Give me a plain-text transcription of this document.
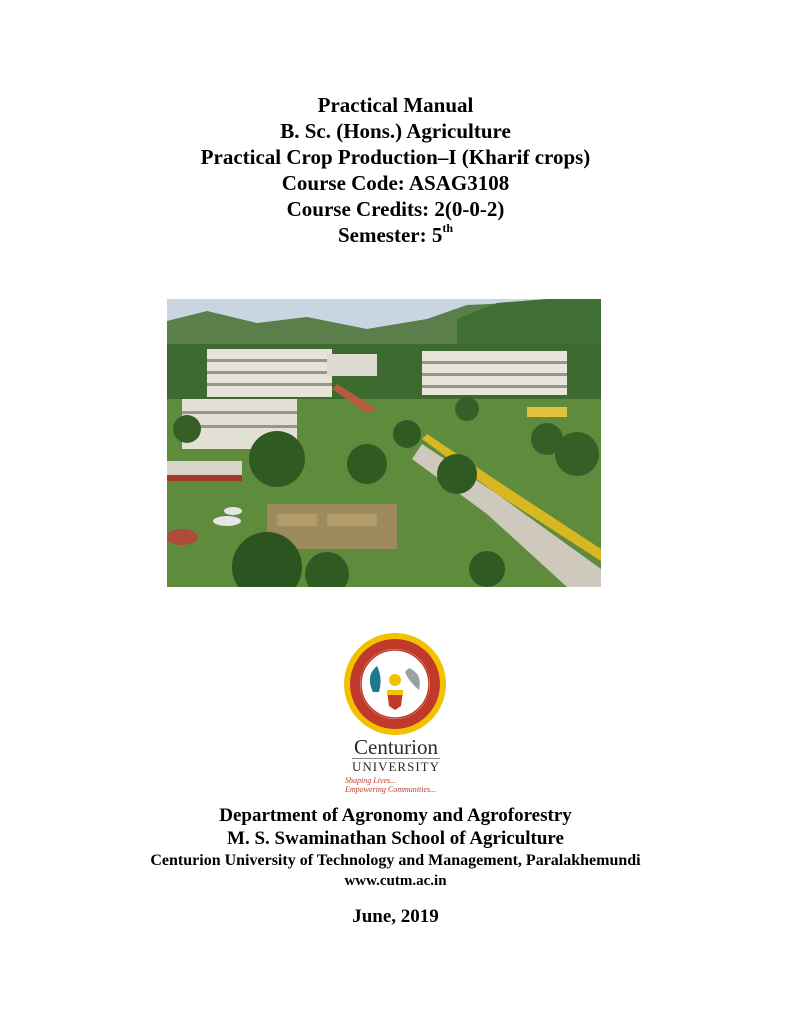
Practical Manual
B. Sc. (Hons.) Agriculture
Practical Crop Production–I (Kharif crops)
Course Code: ASAG3108
Course Credits: 2(0-0-2)
Semester: 5th
Centurion
UNIVERSITY
Shaping Lives...
Empowering Communities...
Department of Agronomy and Agroforestry
M. S. Swaminathan School of Agriculture
Centurion University of Technology and Management, Paralakhemundi
www.cutm.ac.in
June, 2019
